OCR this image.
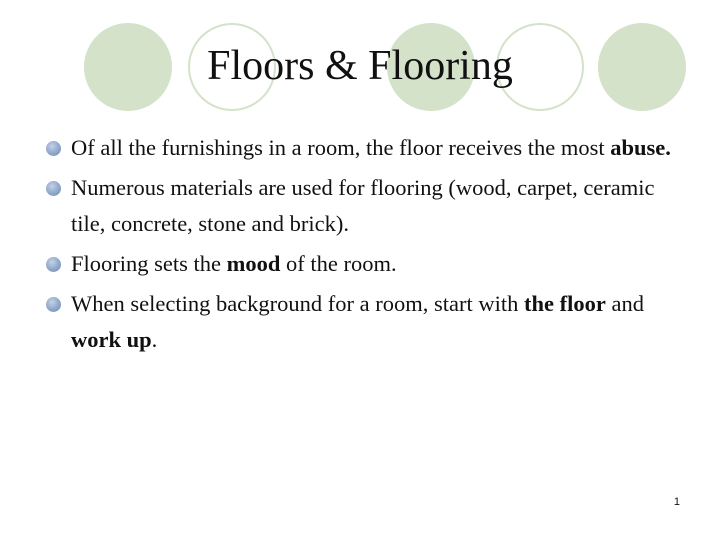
Floors & Flooring
Of all the furnishings in a room, the floor receives the most abuse.
Numerous materials are used for flooring (wood, carpet, ceramic tile, concrete, stone and brick).
Flooring sets the mood of the room.
When selecting background for a room, start with the floor and work up.
1
